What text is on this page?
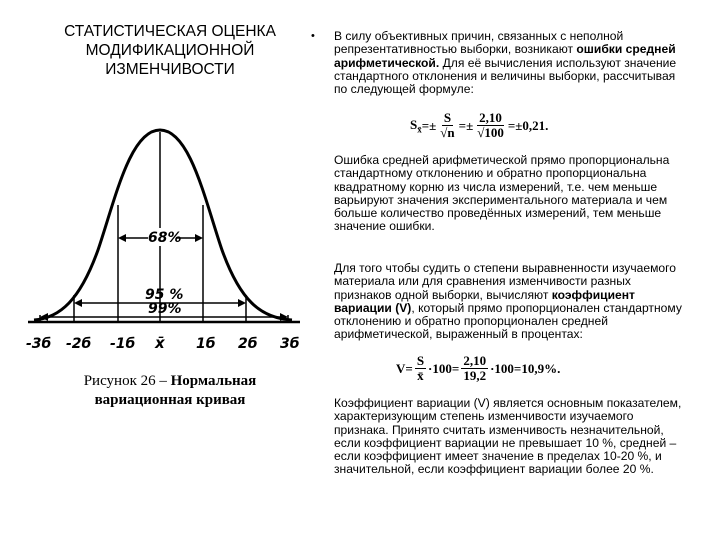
СТАТИСТИЧЕСКАЯ ОЦЕНКА МОДИФИКАЦИОННОЙ ИЗМЕНЧИВОСТИ
68%
95 %
99%
-3б -2б -1б x̄ 1б 2б 3б
Рисунок 26 – Нормальная вариационная кривая
• В силу объективных причин, связанных с неполной репрезентативностью выборки, возникают ошибки средней арифметической. Для её вычисления используют значение стандартного отклонения и величины выборки, рассчитывая по следующей формуле:
$S_{x̄} =\pm \frac{S}{√n} =\pm \frac{2,10}{√100} =\pm 0,21$.
Ошибка средней арифметической прямо пропорциональна стандартному отклонению и обратно пропорциональна квадратному корню из числа измерений, т.е. чем меньше варьируют значения экспериментального материала и чем больше количество проведённых измерений, тем меньше значение ошибки.
Для того чтобы судить о степени выравненности изучаемого материала или для сравнения изменчивости разных признаков одной выборки, вычисляют коэффициент вариации (V), который прямо пропорционален стандартному отклонению и обратно пропорционален средней арифметической, выраженный в процентах:
$V = \frac{S}{x̄} \cdot 100 = \frac{2,10}{19,2} \cdot 100 =10,9\%$.
Коэффициент вариации (V) является основным показателем, характеризующим степень изменчивости изучаемого признака. Принято считать изменчивость незначительной, если коэффициент вариации не превышает 10 %, средней – если коэффициент имеет значение в пределах 10-20 %, и значительной, если коэффициент вариации более 20 %.
